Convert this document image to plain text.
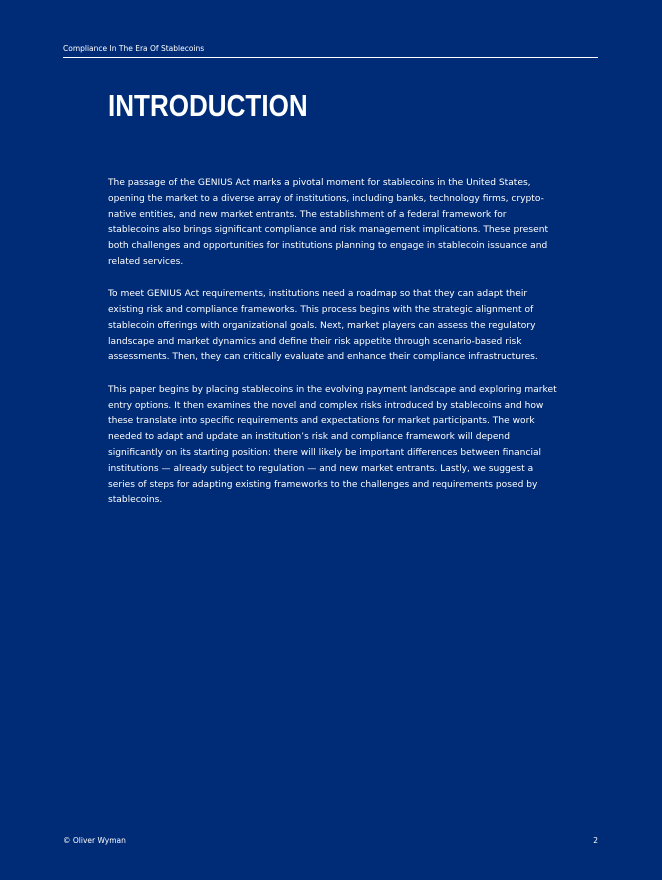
Compliance In The Era Of Stablecoins
INTRODUCTION

The passage of the GENIUS Act marks a pivotal moment for stablecoins in the United States, opening the market to a diverse array of institutions, including banks, technology firms, crypto-native entities, and new market entrants. The establishment of a federal framework for stablecoins also brings significant compliance and risk management implications. These present both challenges and opportunities for institutions planning to engage in stablecoin issuance and related services.

To meet GENIUS Act requirements, institutions need a roadmap so that they can adapt their existing risk and compliance frameworks. This process begins with the strategic alignment of stablecoin offerings with organizational goals. Next, market players can assess the regulatory landscape and market dynamics and define their risk appetite through scenario-based risk assessments. Then, they can critically evaluate and enhance their compliance infrastructures.

This paper begins by placing stablecoins in the evolving payment landscape and exploring market entry options. It then examines the novel and complex risks introduced by stablecoins and how these translate into specific requirements and expectations for market participants. The work needed to adapt and update an institution’s risk and compliance framework will depend significantly on its starting position: there will likely be important differences between financial institutions — already subject to regulation — and new market entrants. Lastly, we suggest a series of steps for adapting existing frameworks to the challenges and requirements posed by stablecoins.

© Oliver Wyman	2
